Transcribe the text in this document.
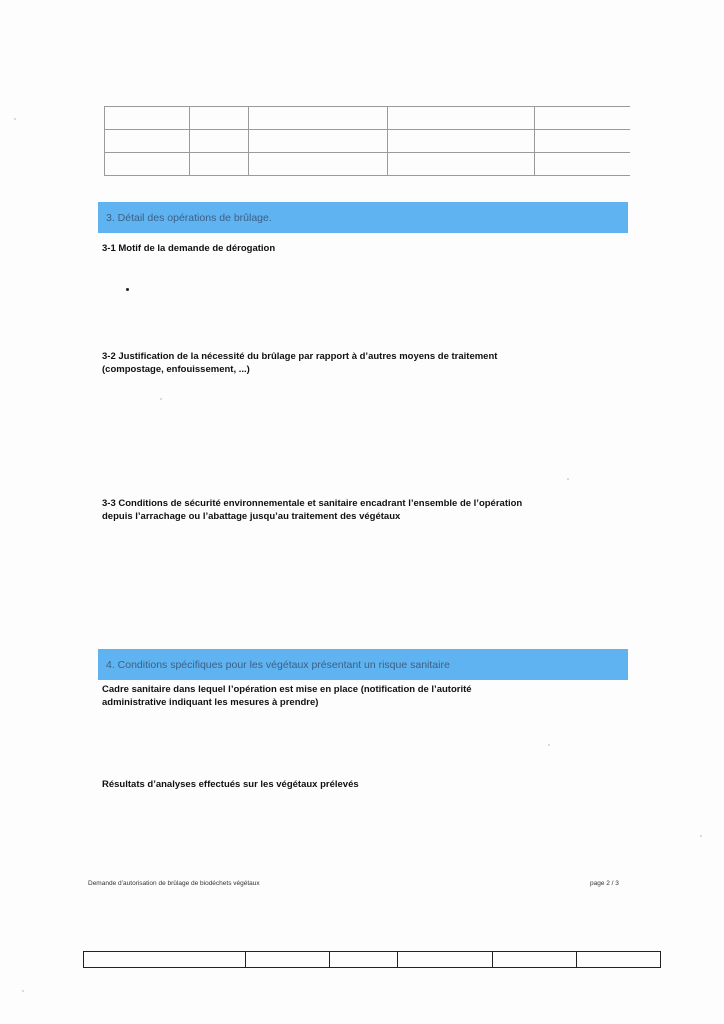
3. Détail des opérations de brûlage.
3-1 Motif de la demande de dérogation
3-2 Justification de la nécessité du brûlage par rapport à d’autres moyens de traitement
(compostage, enfouissement, ...)
3-3 Conditions de sécurité environnementale et sanitaire encadrant l’ensemble de l’opération
depuis l’arrachage ou l’abattage jusqu’au traitement des végétaux
4. Conditions spécifiques pour les végétaux présentant un risque sanitaire
Cadre sanitaire dans lequel l’opération est mise en place (notification de l’autorité
administrative indiquant les mesures à prendre)
Résultats d’analyses effectués sur les végétaux prélevés
Demande d’autorisation de brûlage de biodéchets végétaux	page 2 / 3
